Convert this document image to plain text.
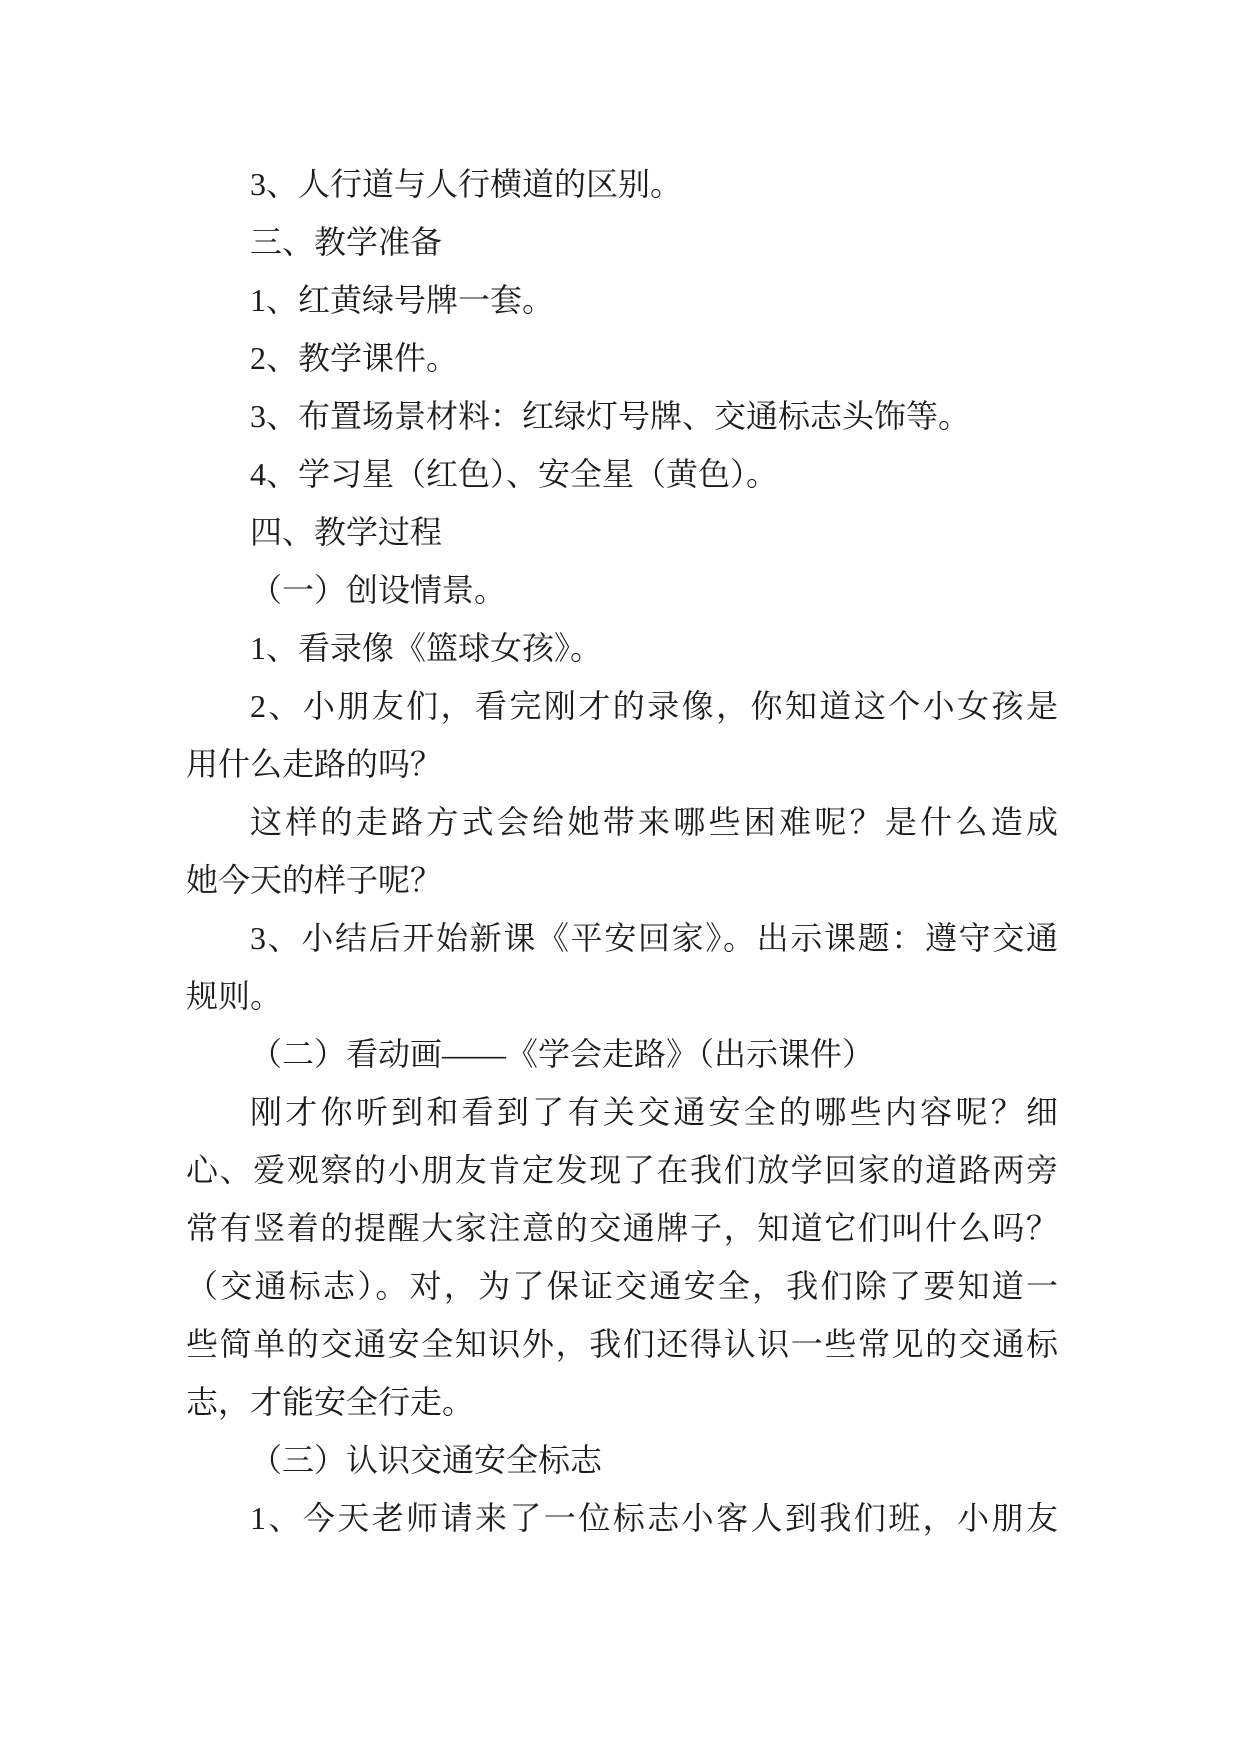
3、人行道与人行横道的区别。
三、教学准备
1、红黄绿号牌一套。
2、教学课件。
3、布置场景材料：红绿灯号牌、交通标志头饰等。
4、学习星（红色）、安全星（黄色）。
四、教学过程
（一）创设情景。
1、看录像《篮球女孩》。
2、小朋友们，看完刚才的录像，你知道这个小女孩是
用什么走路的吗？
这样的走路方式会给她带来哪些困难呢？是什么造成
她今天的样子呢？
3、小结后开始新课《平安回家》。出示课题：遵守交通
规则。
（二）看动画——《学会走路》（出示课件）
刚才你听到和看到了有关交通安全的哪些内容呢？细
心、爱观察的小朋友肯定发现了在我们放学回家的道路两旁
常有竖着的提醒大家注意的交通牌子，知道它们叫什么吗？
（交通标志）。对，为了保证交通安全，我们除了要知道一
些简单的交通安全知识外，我们还得认识一些常见的交通标
志，才能安全行走。
（三）认识交通安全标志
1、今天老师请来了一位标志小客人到我们班，小朋友
